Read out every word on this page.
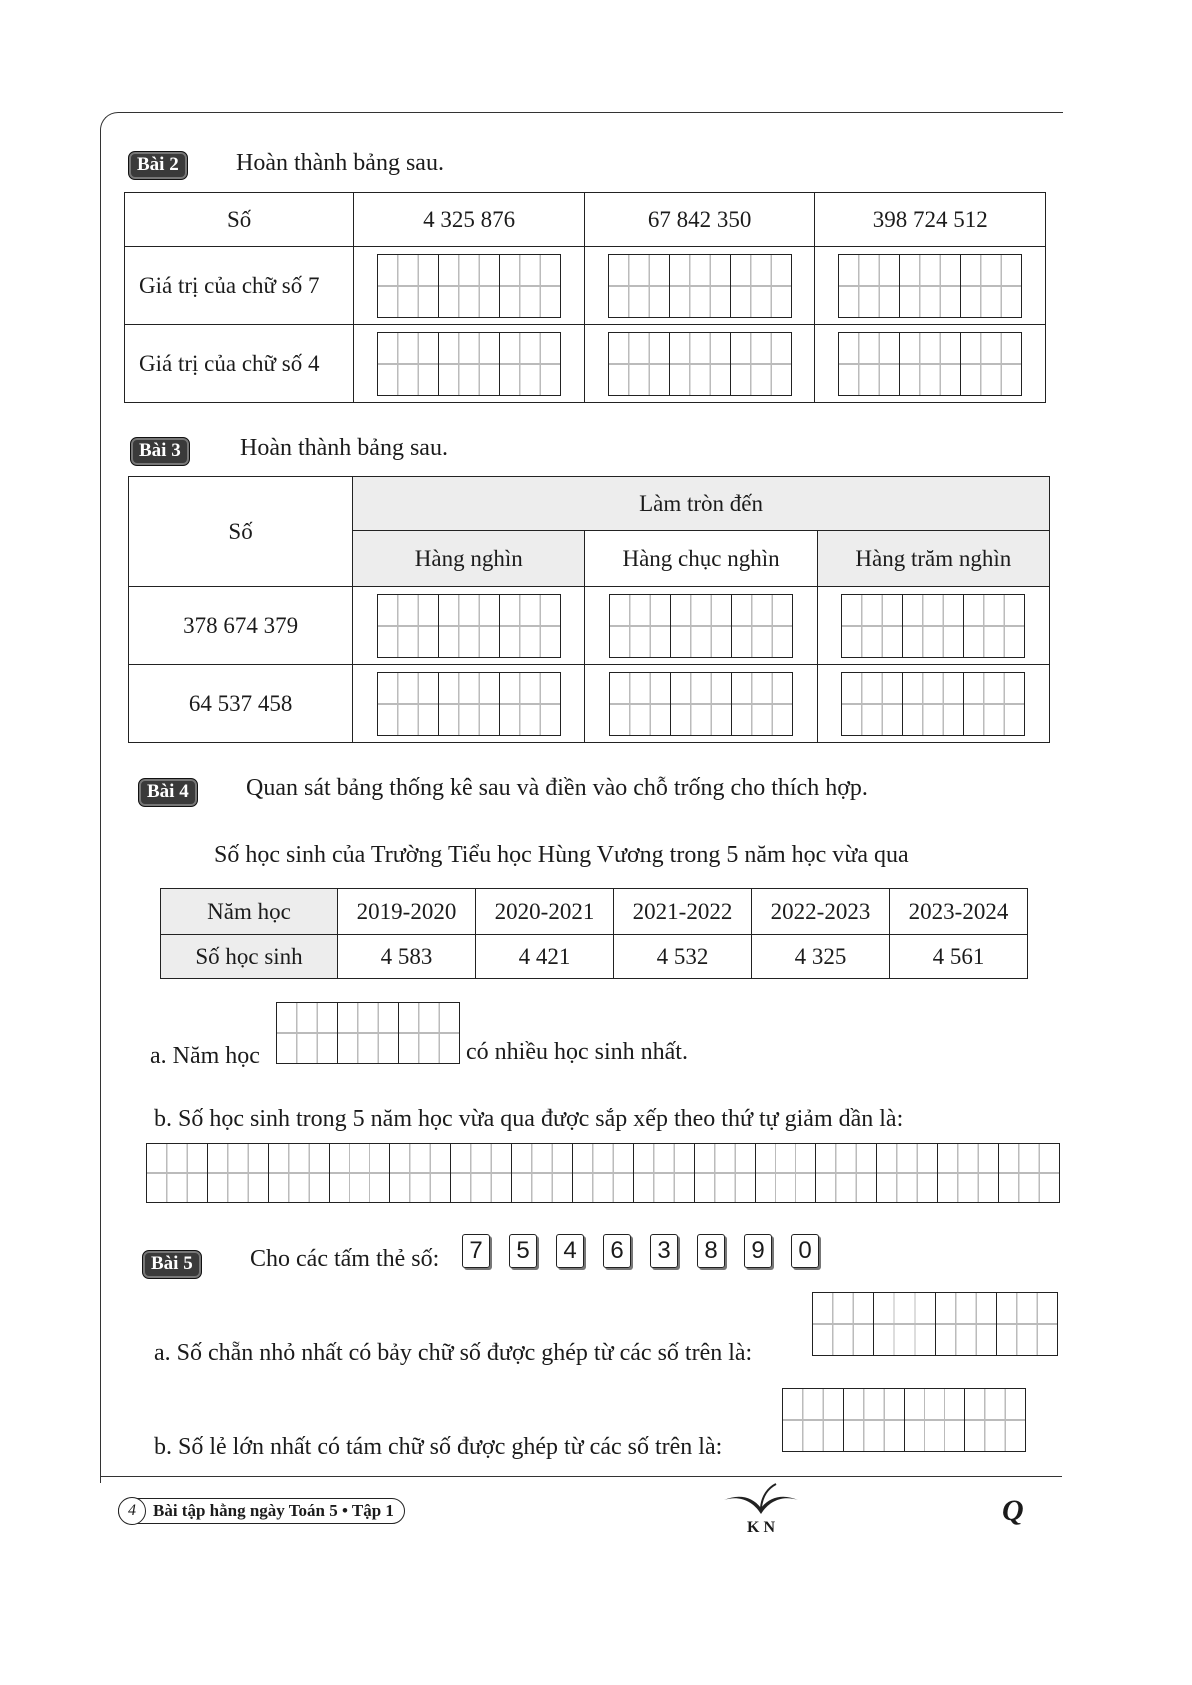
Bài 2	Hoàn thành bảng sau.
Số	4 325 876	67 842 350	398 724 512
Giá trị của chữ số 7	

Giá trị của chữ số 4	

Bài 3	Hoàn thành bảng sau.
Số	Làm tròn đến		
	Hàng nghìn	Hàng chục nghìn	Hàng trăm nghìn
378 674 379	

64 537 458	

Bài 4	Quan sát bảng thống kê sau và điền vào chỗ trống cho thích hợp.
Số học sinh của Trường Tiểu học Hùng Vương trong 5 năm học vừa qua
Năm học	2019-2020	2020-2021	2021-2022	2022-2023	2023-2024
Số học sinh	4 583	4 421	4 532	4 325	4 561
a. Năm học	có nhiều học sinh nhất.
b. Số học sinh trong 5 năm học vừa qua được sắp xếp theo thứ tự giảm dần là:
Bài 5	Cho các tấm thẻ số:	7 5 4 6 3 8 9 0
a. Số chẵn nhỏ nhất có bảy chữ số được ghép từ các số trên là:
b. Số lẻ lớn nhất có tám chữ số được ghép từ các số trên là:
Bài tập hằng ngày Toán 5 • Tập 1
4
K N
Q
